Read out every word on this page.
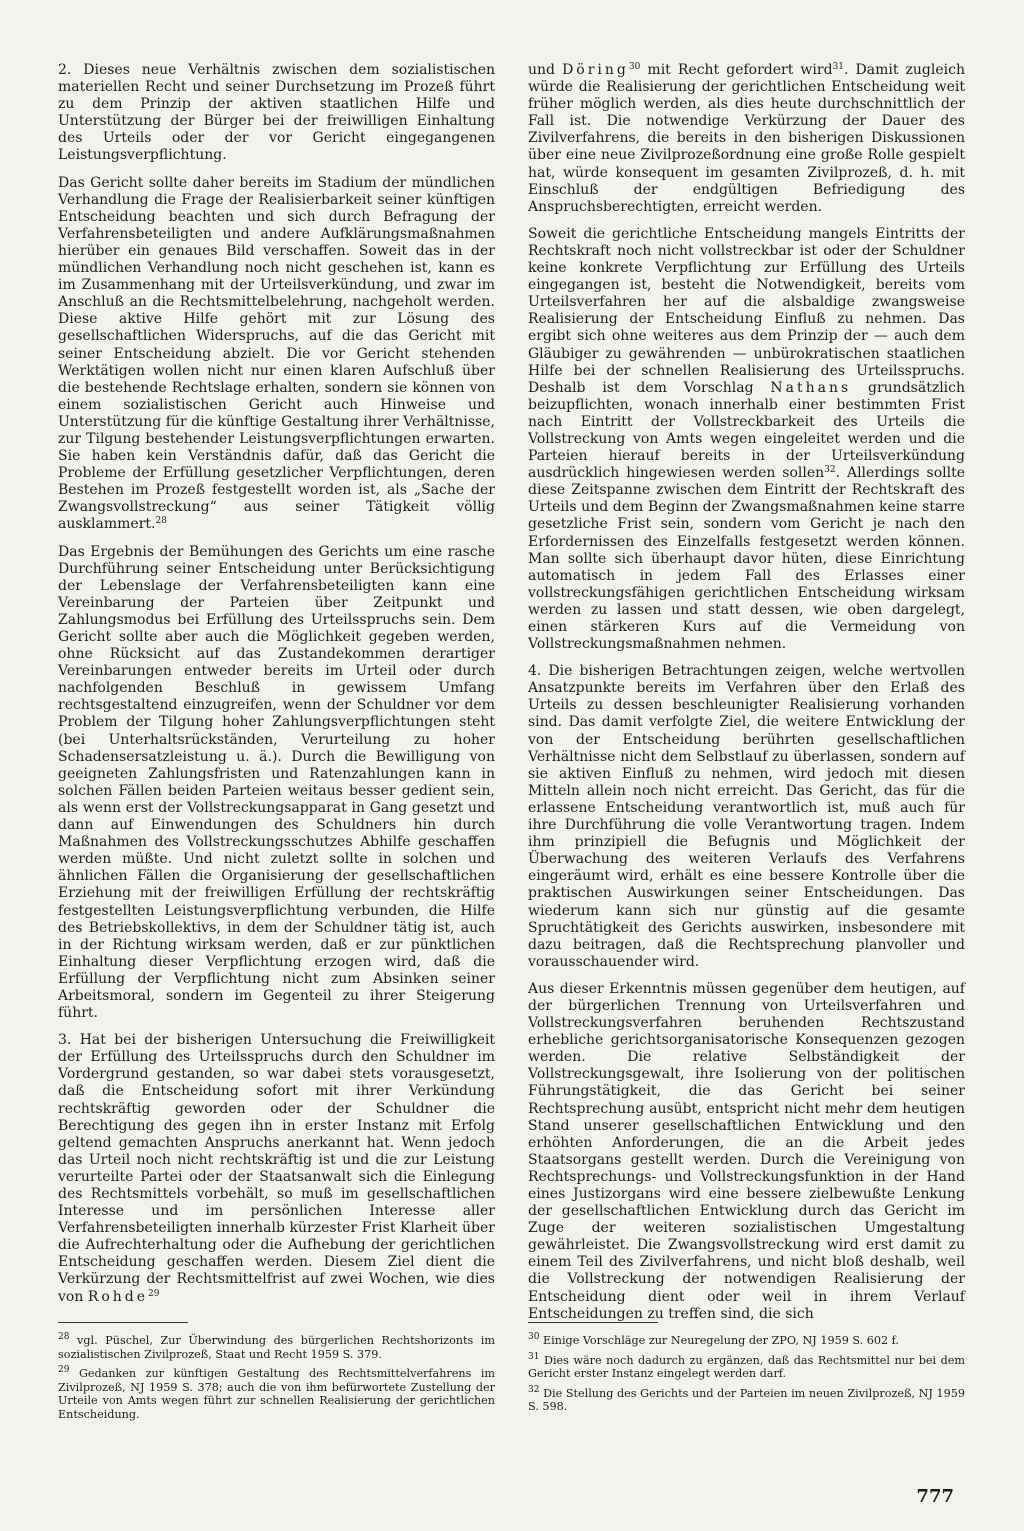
2. Dieses neue Verhältnis zwischen dem sozialistischen materiellen Recht und seiner Durchsetzung im Prozeß führt zu dem Prinzip der aktiven staatlichen Hilfe und Unterstützung der Bürger bei der freiwilligen Einhaltung des Urteils oder der vor Gericht eingegangenen Leistungsverpflichtung.

Das Gericht sollte daher bereits im Stadium der mündlichen Verhandlung die Frage der Realisierbarkeit seiner künftigen Entscheidung beachten und sich durch Befragung der Verfahrensbeteiligten und andere Aufklärungsmaßnahmen hierüber ein genaues Bild verschaffen. Soweit das in der mündlichen Verhandlung noch nicht geschehen ist, kann es im Zusammenhang mit der Urteilsverkündung, und zwar im Anschluß an die Rechtsmittelbelehrung, nachgeholt werden. Diese aktive Hilfe gehört mit zur Lösung des gesellschaftlichen Widerspruchs, auf die das Gericht mit seiner Entscheidung abzielt. Die vor Gericht stehenden Werktätigen wollen nicht nur einen klaren Aufschluß über die bestehende Rechtslage erhalten, sondern sie können von einem sozialistischen Gericht auch Hinweise und Unterstützung für die künftige Gestaltung ihrer Verhältnisse, zur Tilgung bestehender Leistungsverpflichtungen erwarten. Sie haben kein Verständnis dafür, daß das Gericht die Probleme der Erfüllung gesetzlicher Verpflichtungen, deren Bestehen im Prozeß festgestellt worden ist, als „Sache der Zwangsvollstreckung“ aus seiner Tätigkeit völlig ausklammert.$^{28}$

Das Ergebnis der Bemühungen des Gerichts um eine rasche Durchführung seiner Entscheidung unter Berücksichtigung der Lebenslage der Verfahrensbeteiligten kann eine Vereinbarung der Parteien über Zeitpunkt und Zahlungsmodus bei Erfüllung des Urteilsspruchs sein. Dem Gericht sollte aber auch die Möglichkeit gegeben werden, ohne Rücksicht auf das Zustandekommen derartiger Vereinbarungen entweder bereits im Urteil oder durch nachfolgenden Beschluß in gewissem Umfang rechtsgestaltend einzugreifen, wenn der Schuldner vor dem Problem der Tilgung hoher Zahlungsverpflichtungen steht (bei Unterhaltsrückständen, Verurteilung zu hoher Schadensersatzleistung u. ä.). Durch die Bewilligung von geeigneten Zahlungsfristen und Ratenzahlungen kann in solchen Fällen beiden Parteien weitaus besser gedient sein, als wenn erst der Vollstreckungsapparat in Gang gesetzt und dann auf Einwendungen des Schuldners hin durch Maßnahmen des Vollstreckungsschutzes Abhilfe geschaffen werden müßte. Und nicht zuletzt sollte in solchen und ähnlichen Fällen die Organisierung der gesellschaftlichen Erziehung mit der freiwilligen Erfüllung der rechtskräftig festgestellten Leistungsverpflichtung verbunden, die Hilfe des Betriebskollektivs, in dem der Schuldner tätig ist, auch in der Richtung wirksam werden, daß er zur pünktlichen Einhaltung dieser Verpflichtung erzogen wird, daß die Erfüllung der Verpflichtung nicht zum Absinken seiner Arbeitsmoral, sondern im Gegenteil zu ihrer Steigerung führt.

3. Hat bei der bisherigen Untersuchung die Freiwilligkeit der Erfüllung des Urteilsspruchs durch den Schuldner im Vordergrund gestanden, so war dabei stets vorausgesetzt, daß die Entscheidung sofort mit ihrer Verkündung rechtskräftig geworden oder der Schuldner die Berechtigung des gegen ihn in erster Instanz mit Erfolg geltend gemachten Anspruchs anerkannt hat. Wenn jedoch das Urteil noch nicht rechtskräftig ist und die zur Leistung verurteilte Partei oder der Staatsanwalt sich die Einlegung des Rechtsmittels vorbehält, so muß im gesellschaftlichen Interesse und im persönlichen Interesse aller Verfahrensbeteiligten innerhalb kürzester Frist Klarheit über die Aufrechterhaltung oder die Aufhebung der gerichtlichen Entscheidung geschaffen werden. Diesem Ziel dient die Verkürzung der Rechtsmittelfrist auf zwei Wochen, wie dies von Rohde$^{29}$

und Döring$^{30}$ mit Recht gefordert wird$^{31}$. Damit zugleich würde die Realisierung der gerichtlichen Entscheidung weit früher möglich werden, als dies heute durchschnittlich der Fall ist. Die notwendige Verkürzung der Dauer des Zivilverfahrens, die bereits in den bisherigen Diskussionen über eine neue Zivilprozeßordnung eine große Rolle gespielt hat, würde konsequent im gesamten Zivilprozeß, d. h. mit Einschluß der endgültigen Befriedigung des Anspruchsberechtigten, erreicht werden.

Soweit die gerichtliche Entscheidung mangels Eintritts der Rechtskraft noch nicht vollstreckbar ist oder der Schuldner keine konkrete Verpflichtung zur Erfüllung des Urteils eingegangen ist, besteht die Notwendigkeit, bereits vom Urteilsverfahren her auf die alsbaldige zwangsweise Realisierung der Entscheidung Einfluß zu nehmen. Das ergibt sich ohne weiteres aus dem Prinzip der — auch dem Gläubiger zu gewährenden — unbürokratischen staatlichen Hilfe bei der schnellen Realisierung des Urteilsspruchs. Deshalb ist dem Vorschlag Nathans grundsätzlich beizupflichten, wonach innerhalb einer bestimmten Frist nach Eintritt der Vollstreckbarkeit des Urteils die Vollstreckung von Amts wegen eingeleitet werden und die Parteien hierauf bereits in der Urteilsverkündung ausdrücklich hingewiesen werden sollen$^{32}$. Allerdings sollte diese Zeitspanne zwischen dem Eintritt der Rechtskraft des Urteils und dem Beginn der Zwangsmaßnahmen keine starre gesetzliche Frist sein, sondern vom Gericht je nach den Erfordernissen des Einzelfalls festgesetzt werden können. Man sollte sich überhaupt davor hüten, diese Einrichtung automatisch in jedem Fall des Erlasses einer vollstreckungsfähigen gerichtlichen Entscheidung wirksam werden zu lassen und statt dessen, wie oben dargelegt, einen stärkeren Kurs auf die Vermeidung von Vollstreckungsmaßnahmen nehmen.

4. Die bisherigen Betrachtungen zeigen, welche wertvollen Ansatzpunkte bereits im Verfahren über den Erlaß des Urteils zu dessen beschleunigter Realisierung vorhanden sind. Das damit verfolgte Ziel, die weitere Entwicklung der von der Entscheidung berührten gesellschaftlichen Verhältnisse nicht dem Selbstlauf zu überlassen, sondern auf sie aktiven Einfluß zu nehmen, wird jedoch mit diesen Mitteln allein noch nicht erreicht. Das Gericht, das für die erlassene Entscheidung verantwortlich ist, muß auch für ihre Durchführung die volle Verantwortung tragen. Indem ihm prinzipiell die Befugnis und Möglichkeit der Überwachung des weiteren Verlaufs des Verfahrens eingeräumt wird, erhält es eine bessere Kontrolle über die praktischen Auswirkungen seiner Entscheidungen. Das wiederum kann sich nur günstig auf die gesamte Spruchtätigkeit des Gerichts auswirken, insbesondere mit dazu beitragen, daß die Rechtsprechung planvoller und vorausschauender wird.

Aus dieser Erkenntnis müssen gegenüber dem heutigen, auf der bürgerlichen Trennung von Urteilsverfahren und Vollstreckungsverfahren beruhenden Rechtszustand erhebliche gerichtsorganisatorische Konsequenzen gezogen werden. Die relative Selbständigkeit der Vollstreckungsgewalt, ihre Isolierung von der politischen Führungstätigkeit, die das Gericht bei seiner Rechtsprechung ausübt, entspricht nicht mehr dem heutigen Stand unserer gesellschaftlichen Entwicklung und den erhöhten Anforderungen, die an die Arbeit jedes Staatsorgans gestellt werden. Durch die Vereinigung von Rechtsprechungs- und Vollstreckungsfunktion in der Hand eines Justizorgans wird eine bessere zielbewußte Lenkung der gesellschaftlichen Entwicklung durch das Gericht im Zuge der weiteren sozialistischen Umgestaltung gewährleistet. Die Zwangsvollstreckung wird erst damit zu einem Teil des Zivilverfahrens, und nicht bloß deshalb, weil die Vollstreckung der notwendigen Realisierung der Entscheidung dient oder weil in ihrem Verlauf Entscheidungen zu treffen sind, die sich

$^{28}$ vgl. Püschel, Zur Überwindung des bürgerlichen Rechtshorizonts im sozialistischen Zivilprozeß, Staat und Recht 1959 S. 379.

$^{29}$ Gedanken zur künftigen Gestaltung des Rechtsmittelverfahrens im Zivilprozeß, NJ 1959 S. 378; auch die von ihm befürwortete Zustellung der Urteile von Amts wegen führt zur schnellen Realisierung der gerichtlichen Entscheidung.

$^{30}$ Einige Vorschläge zur Neuregelung der ZPO, NJ 1959 S. 602 f.

$^{31}$ Dies wäre noch dadurch zu ergänzen, daß das Rechtsmittel nur bei dem Gericht erster Instanz eingelegt werden darf.

$^{32}$ Die Stellung des Gerichts und der Parteien im neuen Zivilprozeß, NJ 1959 S. 598.

777
